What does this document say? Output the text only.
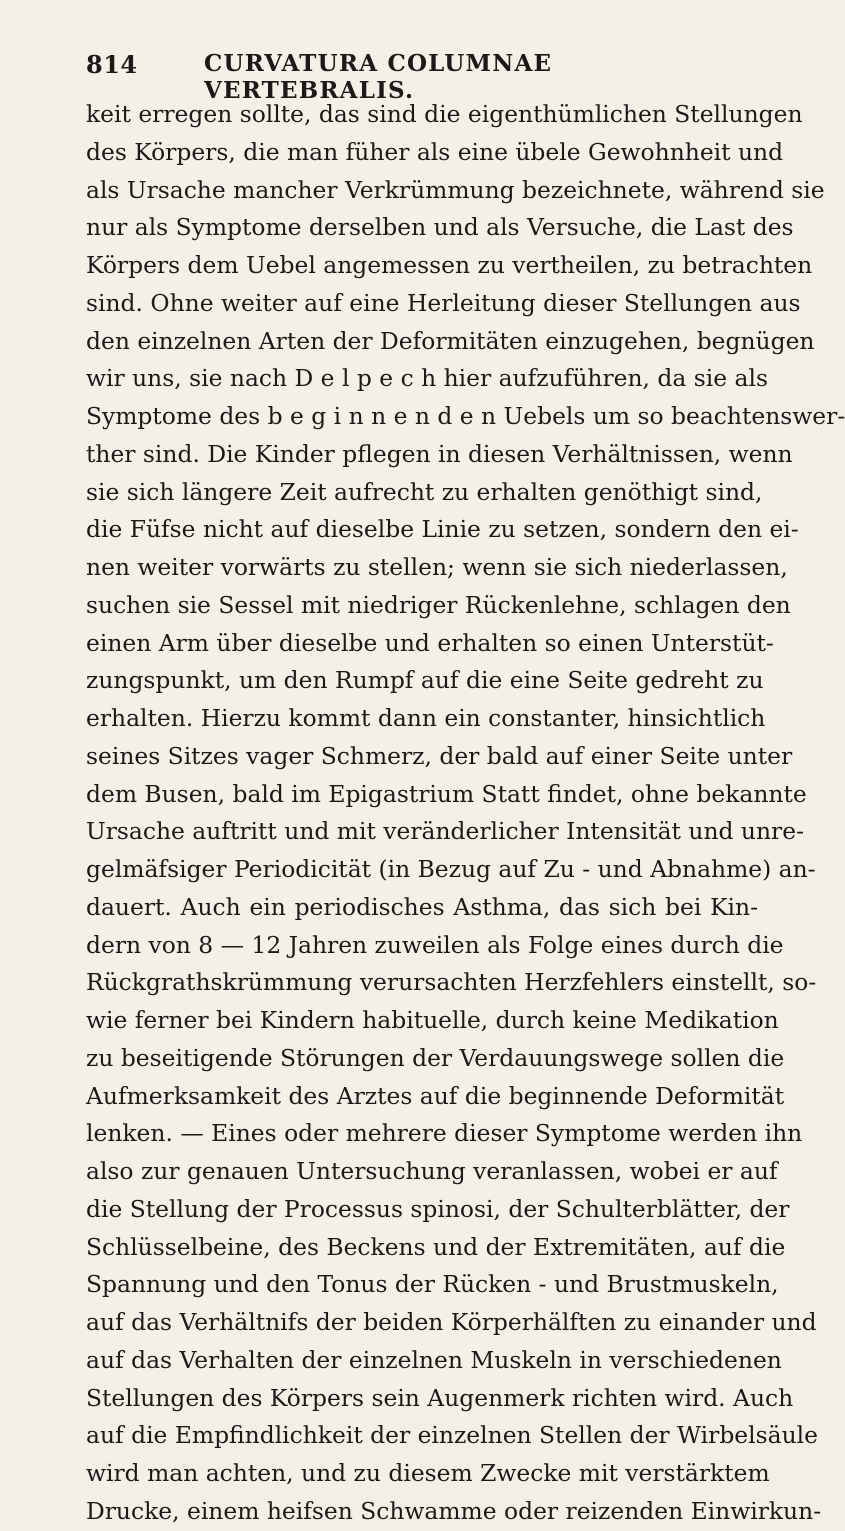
814	CURVATURA COLUMNAE VERTEBRALIS.
keit erregen sollte, das sind die eigenthümlichen Stellungen
des Körpers, die man füher als eine übele Gewohnheit und
als Ursache mancher Verkrümmung bezeichnete, während sie
nur als Symptome derselben und als Versuche, die Last des
Körpers dem Uebel angemessen zu vertheilen, zu betrachten
sind. Ohne weiter auf eine Herleitung dieser Stellungen aus
den einzelnen Arten der Deformitäten einzugehen, begnügen
wir uns, sie nach D e l p e c h hier aufzuführen, da sie als
Symptome des b e g i n n e n d e n Uebels um so beachtenswer-
ther sind. Die Kinder pflegen in diesen Verhältnissen, wenn
sie sich längere Zeit aufrecht zu erhalten genöthigt sind,
die Füfse nicht auf dieselbe Linie zu setzen, sondern den ei-
nen weiter vorwärts zu stellen; wenn sie sich niederlassen,
suchen sie Sessel mit niedriger Rückenlehne, schlagen den
einen Arm über dieselbe und erhalten so einen Unterstüt-
zungspunkt, um den Rumpf auf die eine Seite gedreht zu
erhalten. Hierzu kommt dann ein constanter, hinsichtlich
seines Sitzes vager Schmerz, der bald auf einer Seite unter
dem Busen, bald im Epigastrium Statt findet, ohne bekannte
Ursache auftritt und mit veränderlicher Intensität und unre-
gelmäfsiger Periodicität (in Bezug auf Zu - und Abnahme) an-
dauert. Auch ein periodisches Asthma, das sich bei Kin-
dern von 8 — 12 Jahren zuweilen als Folge eines durch die
Rückgrathskrümmung verursachten Herzfehlers einstellt, so-
wie ferner bei Kindern habituelle, durch keine Medikation
zu beseitigende Störungen der Verdauungswege sollen die
Aufmerksamkeit des Arztes auf die beginnende Deformität
lenken. — Eines oder mehrere dieser Symptome werden ihn
also zur genauen Untersuchung veranlassen, wobei er auf
die Stellung der Processus spinosi, der Schulterblätter, der
Schlüsselbeine, des Beckens und der Extremitäten, auf die
Spannung und den Tonus der Rücken - und Brustmuskeln,
auf das Verhältnifs der beiden Körperhälften zu einander und
auf das Verhalten der einzelnen Muskeln in verschiedenen
Stellungen des Körpers sein Augenmerk richten wird. Auch
auf die Empfindlichkeit der einzelnen Stellen der Wirbelsäule
wird man achten, und zu diesem Zwecke mit verstärktem
Drucke, einem heifsen Schwamme oder reizenden Einwirkun-
